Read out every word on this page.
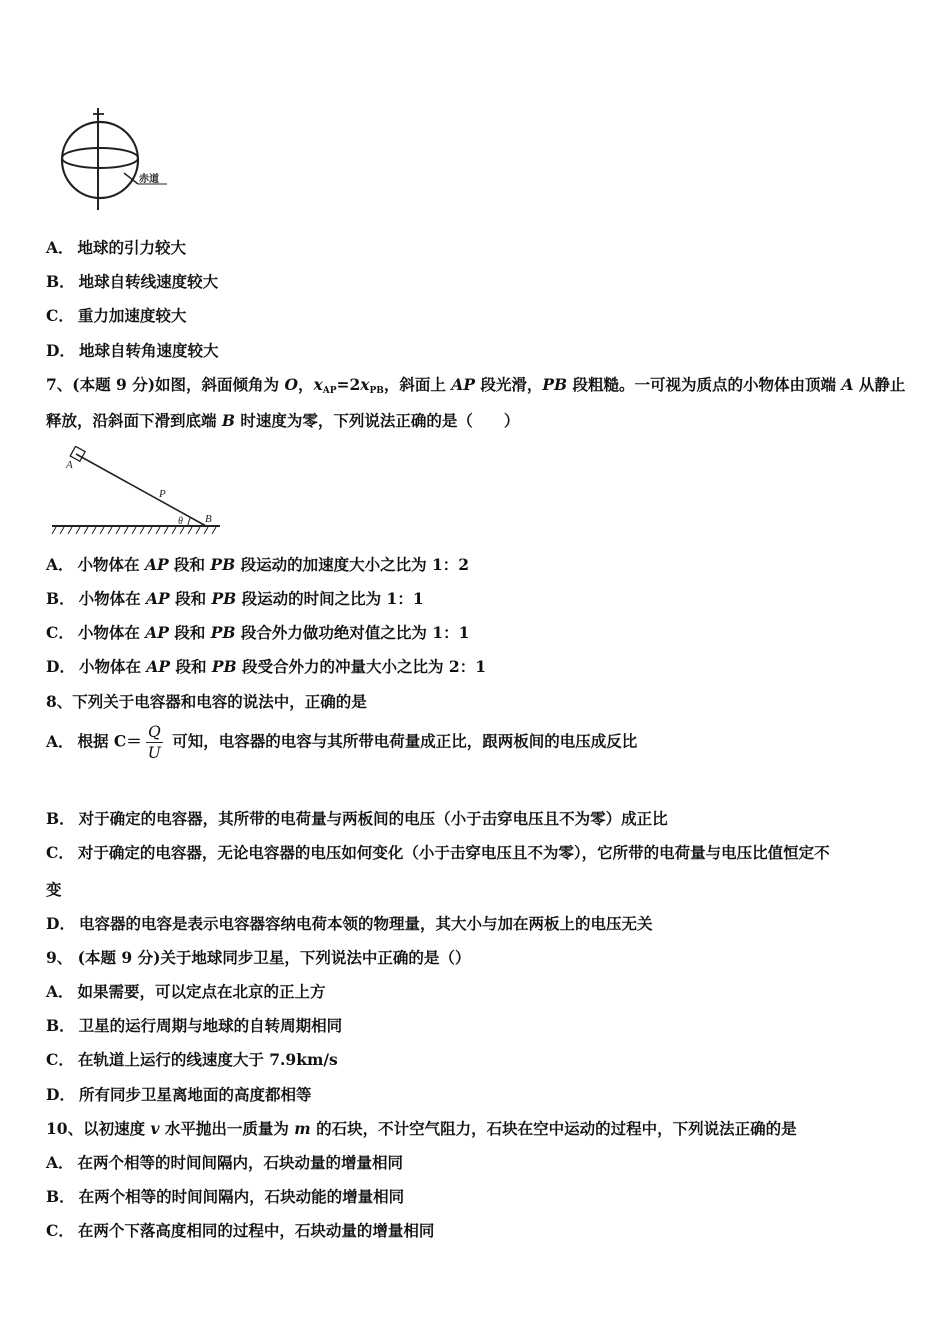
赤道
A． 地球的引力较大
B． 地球自转线速度较大
C． 重力加速度较大
D． 地球自转角速度较大
7、(本题 9 分)如图，斜面倾角为 O，$x_{AP}=2x_{PB}$，斜面上 AP 段光滑，PB 段粗糙。一可视为质点的小物体由顶端 A 从静止
释放，沿斜面下滑到底端 B 时速度为零，下列说法正确的是（　　）
A
P
θ B
A． 小物体在 AP 段和 PB 段运动的加速度大小之比为 1：2
B． 小物体在 AP 段和 PB 段运动的时间之比为 1：1
C． 小物体在 AP 段和 PB 段合外力做功绝对值之比为 1：1
D． 小物体在 AP 段和 PB 段受合外力的冲量大小之比为 2：1
8、下列关于电容器和电容的说法中，正确的是
A． 根据 $C= \frac{Q}{U}$ 可知，电容器的电容与其所带电荷量成正比，跟两板间的电压成反比
B． 对于确定的电容器，其所带的电荷量与两板间的电压（小于击穿电压且不为零）成正比
C． 对于确定的电容器，无论电容器的电压如何变化（小于击穿电压且不为零），它所带的电荷量与电压比值恒定不
变
D． 电容器的电容是表示电容器容纳电荷本领的物理量，其大小与加在两板上的电压无关
9、 (本题 9 分)关于地球同步卫星，下列说法中正确的是（）
A． 如果需要，可以定点在北京的正上方
B． 卫星的运行周期与地球的自转周期相同
C． 在轨道上运行的线速度大于 7.9km/s
D． 所有同步卫星离地面的高度都相等
10、以初速度 v 水平抛出一质量为 m 的石块，不计空气阻力，石块在空中运动的过程中，下列说法正确的是
A． 在两个相等的时间间隔内，石块动量的增量相同
B． 在两个相等的时间间隔内，石块动能的增量相同
C． 在两个下落高度相同的过程中，石块动量的增量相同
